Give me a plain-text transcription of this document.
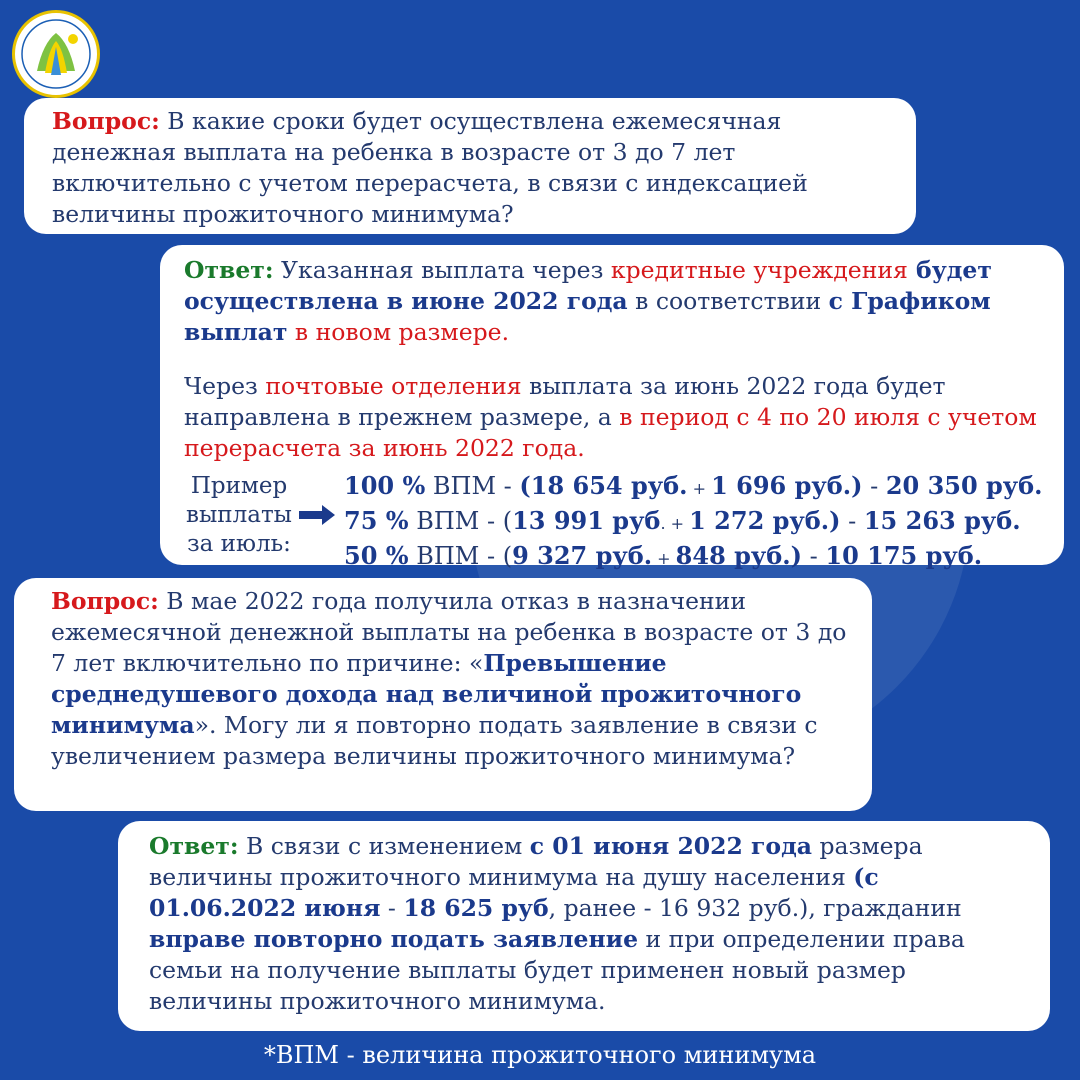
Вопрос: В какие сроки будет осуществлена ежемесячная денежная выплата на ребенка в возрасте от 3 до 7 лет включительно с учетом перерасчета, в связи с индексацией величины прожиточного минимума?

Ответ: Указанная выплата через кредитные учреждения будет осуществлена в июне 2022 года в соответствии с Графиком выплат в новом размере.

Через почтовые отделения выплата за июнь 2022 года будет направлена в прежнем размере, а в период с 4 по 20 июля с учетом перерасчета за июнь 2022 года.

Пример выплаты за июль:
100 % ВПМ - (18 654 руб. + 1 696 руб.) - 20 350 руб.
75 % ВПМ - (13 991 руб. + 1 272 руб.) - 15 263 руб.
50 % ВПМ - (9 327 руб. + 848 руб.) - 10 175 руб.
Вопрос: В мае 2022 года получила отказ в назначении ежемесячной денежной выплаты на ребенка в возрасте от 3 до 7 лет включительно по причине: «Превышение среднедушевого дохода над величиной прожиточного минимума». Могу ли я повторно подать заявление в связи с увеличением размера величины прожиточного минимума?
Ответ: В связи с изменением с 01 июня 2022 года размера величины прожиточного минимума на душу населения (с 01.06.2022 июня - 18 625 руб, ранее - 16 932 руб.), гражданин вправе повторно подать заявление и при определении права семьи на получение выплаты будет применен новый размер величины прожиточного минимума.
*ВПМ - величина прожиточного минимума
